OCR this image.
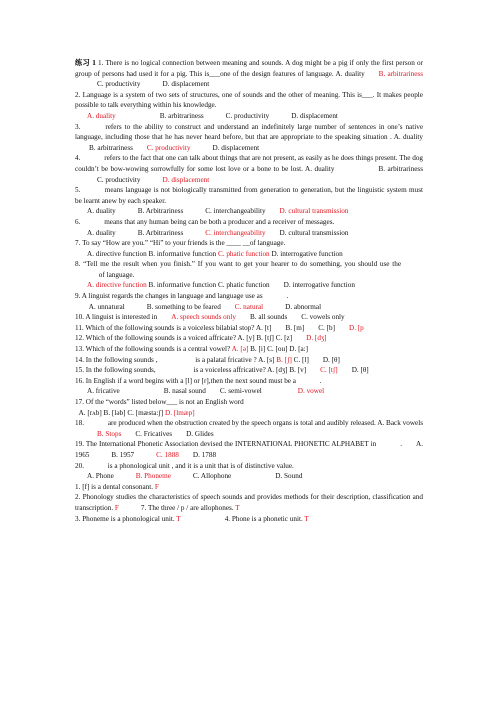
练习 1 1. There is no logical connection between meaning and sounds. A dog might be a pig if only the first person or group of persons had used it for a pig. This is___one of the design features of language. A. duality B. arbitrarinessC. productivity	D. displacement

2. Language is a system of two sets of structures, one of sounds and the other of meaning. This is___. It makes people possible to talk everything within his knowledge.

A. duality	B. arbitrariness	C. productivity	D. displacement

3.	refers to the ability to construct and understand an indefinitely large number of sentences in one’s native language, including those that he has never heard before, but that are appropriate to the speaking situation . A. dualityB. arbitrariness C. productivity	D. displacement

4.	refers to the fact that one can talk about things that are not present, as easily as he does things present. The dog couldn’t be bow-wowing sorrowfully for some lost love or a bone to be lost. A. duality	B. arbitrarinessC. productivity	D. displacement

5.	means language is not biologically transmitted from generation to generation, but the linguistic system must be learnt anew by each speaker.

A. duality	B. Arbitrariness	C. interchangeability D. cultural transmission

6.	means that any human being can be both a producer and a receiver of messages.

A. duality	B. Arbitrariness	C. interchangeability D. cultural transmission

7. To say “How are you.” “Hi” to your friends is the ____ __of language.

A. directive function B. informative function C. phatic function D. interrogative function

8. “Tell me the result when you finish.” If you want to get your hearer to do something, you should use the of language.

A. directive function B. informative function C. phatic function D. interrogative function

9. A linguist regards the changes in language and language use as	.

A. unnatural	B. something to be feared C. natural	D. abnormal

10. A linguist is interested in A. speech sounds only B. all sounds C. vowels only

11. Which of the following sounds is a voiceless bilabial stop? A. [t] B. [m] C. [b] D. [p

12. Which of the following sounds is a voiced affricate? A. [y] B. [tʃ] C. [z] D. [dʒ]

13. Which of the following sounds is a central vowel? A. [ə] B. [i] C. [ou] D. [a:]

14. In the following sounds ,	is a palatal fricative ? A. [s] B. [ʃ] C. [l] D. [θ]

15. In the following sounds,	is a voiceless affricative? A. [dʒ] B. [v] C. [tʃ] D. [θ]

16. In English if a word begins with a [l] or [r],then the next sound must be a	.

A. fricative	B. nasal sound C. semi-vowel	D. vowel

17. Of the “words” listed below___ is not an English word

A. [rʌb] B. [ləb] C. [mæsta:ʃ] D. [lmæp]

18.	are produced when the obstruction created by the speech organs is total and audibly released. A. Back vowelsB. Stops C. Fricatives D. Glides

19. The International Phonetic Association devised the INTERNATIONAL PHONETIC ALPHABET in	. A. 1965	B. 1957	C. 1888 D. 1788

20.	is a phonological unit , and it is a unit that is of distinctive value.

A. Phone	B. Phoneme	C. Allophone	D. Sound

1. [f] is a dental consonant. F

2. Phonology studies the characteristics of speech sounds and provides methods for their description, classification and transcription. F	7. The three / p / are allophones. T

3. Phoneme is a phonological unit. T	4. Phone is a phonetic unit. T
